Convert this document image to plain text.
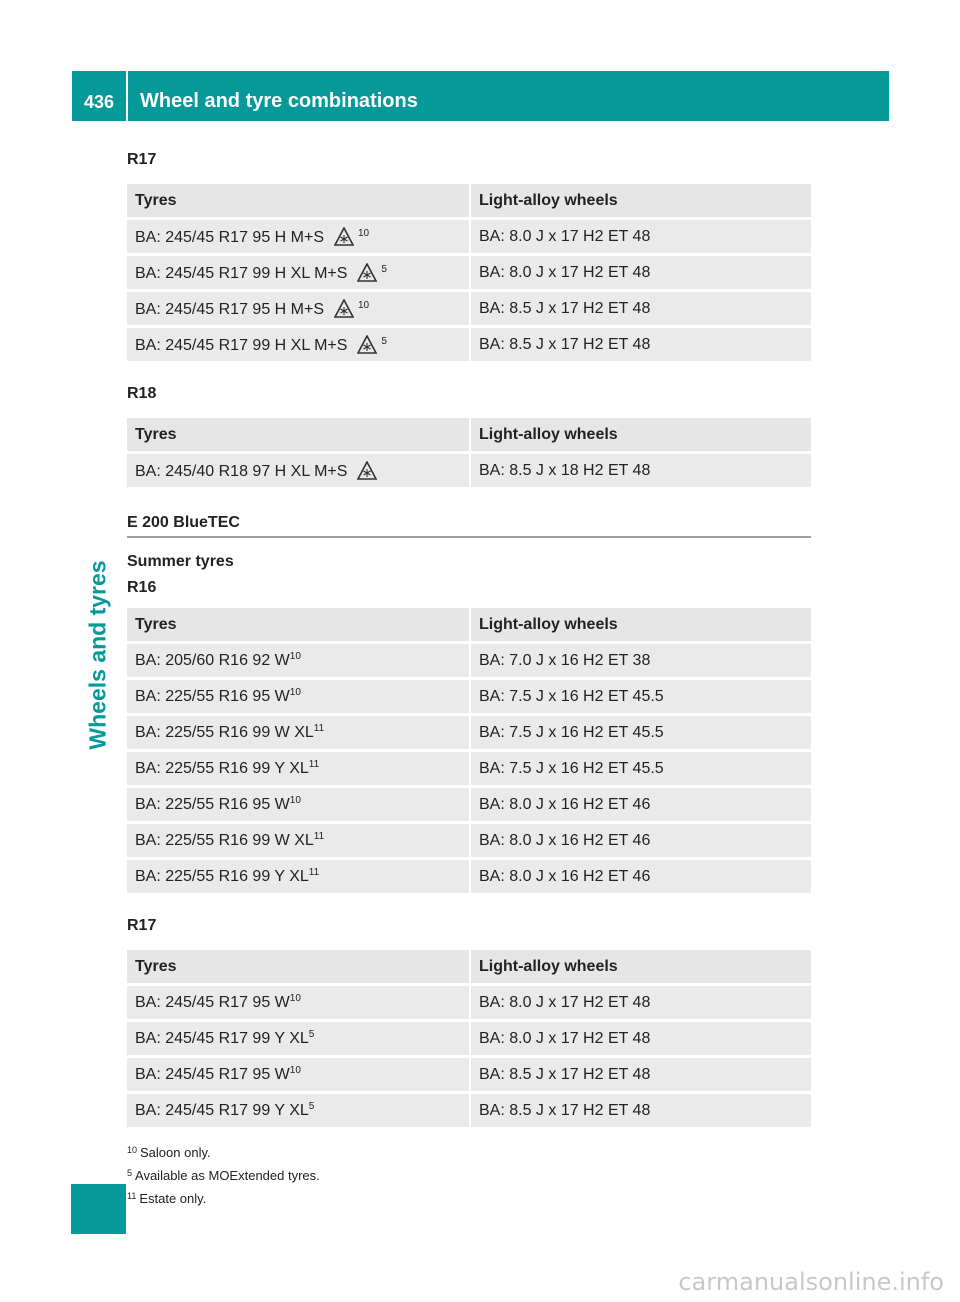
436	Wheel and tyre combinations
Wheels and tyres
R17
Tyres	Light-alloy wheels
BA: 245/45 R17 95 H M+S $^{10}$	BA: 8.0 J x 17 H2 ET 48
BA: 245/45 R17 99 H XL M+S $^5$	BA: 8.0 J x 17 H2 ET 48
BA: 245/45 R17 95 H M+S $^{10}$	BA: 8.5 J x 17 H2 ET 48
BA: 245/45 R17 99 H XL M+S $^5$	BA: 8.5 J x 17 H2 ET 48
R18
Tyres	Light-alloy wheels
BA: 245/40 R18 97 H XL M+S	BA: 8.5 J x 18 H2 ET 48
E 200 BlueTEC
Summer tyres
R16
Tyres	Light-alloy wheels
BA: 205/60 R16 92 $W^{10}$	BA: 7.0 J x 16 H2 ET 38
BA: 225/55 R16 95 $W^{10}$	BA: 7.5 J x 16 H2 ET 45.5
BA: 225/55 R16 99 W XL$^{11}$	BA: 7.5 J x 16 H2 ET 45.5
BA: 225/55 R16 99 Y XL$^{11}$	BA: 7.5 J x 16 H2 ET 45.5
BA: 225/55 R16 95 $W^{10}$	BA: 8.0 J x 16 H2 ET 46
BA: 225/55 R16 99 W XL$^{11}$	BA: 8.0 J x 16 H2 ET 46
BA: 225/55 R16 99 Y XL$^{11}$	BA: 8.0 J x 16 H2 ET 46
R17
Tyres	Light-alloy wheels
BA: 245/45 R17 95 $W^{10}$	BA: 8.0 J x 17 H2 ET 48
BA: 245/45 R17 99 Y $XL^5$	BA: 8.0 J x 17 H2 ET 48
BA: 245/45 R17 95 $W^{10}$	BA: 8.5 J x 17 H2 ET 48
BA: 245/45 R17 99 Y $XL^5$	BA: 8.5 J x 17 H2 ET 48
$^{10}$ Saloon only.
$^5$ Available as MOExtended tyres.
$^{11}$ Estate only.
carmanualsonline.info
